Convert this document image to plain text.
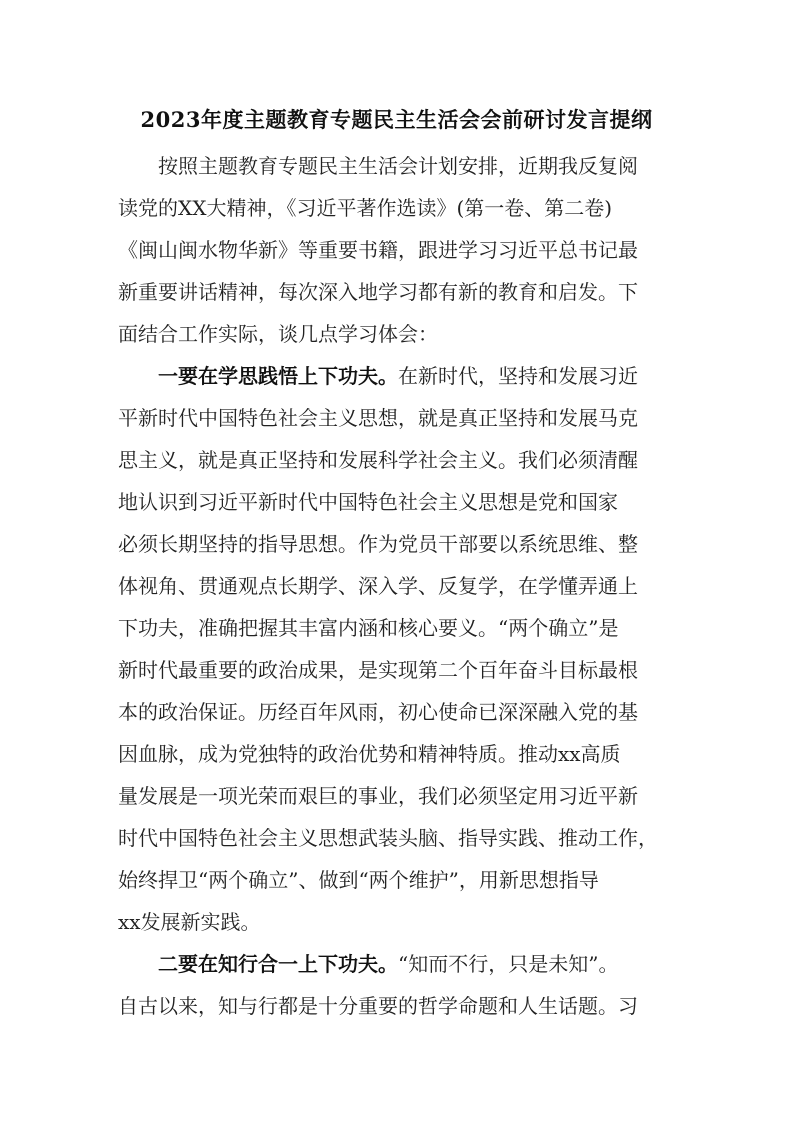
2023年度主题教育专题民主生活会会前研讨发言提纲
按照主题教育专题民主生活会计划安排，近期我反复阅
读党的XX大精神，《习近平著作选读》(第一卷、第二卷)
《闽山闽水物华新》等重要书籍，跟进学习习近平总书记最
新重要讲话精神，每次深入地学习都有新的教育和启发。下
面结合工作实际，谈几点学习体会：
一要在学思践悟上下功夫。在新时代，坚持和发展习近
平新时代中国特色社会主义思想，就是真正坚持和发展马克
思主义，就是真正坚持和发展科学社会主义。我们必须清醒
地认识到习近平新时代中国特色社会主义思想是党和国家
必须长期坚持的指导思想。作为党员干部要以系统思维、整
体视角、贯通观点长期学、深入学、反复学，在学懂弄通上
下功夫，准确把握其丰富内涵和核心要义。“两个确立”是
新时代最重要的政治成果，是实现第二个百年奋斗目标最根
本的政治保证。历经百年风雨，初心使命已深深融入党的基
因血脉，成为党独特的政治优势和精神特质。推动xx高质
量发展是一项光荣而艰巨的事业，我们必须坚定用习近平新
时代中国特色社会主义思想武装头脑、指导实践、推动工作，
始终捍卫“两个确立”、做到“两个维护”，用新思想指导
xx发展新实践。
二要在知行合一上下功夫。“知而不行，只是未知”。
自古以来，知与行都是十分重要的哲学命题和人生话题。习
